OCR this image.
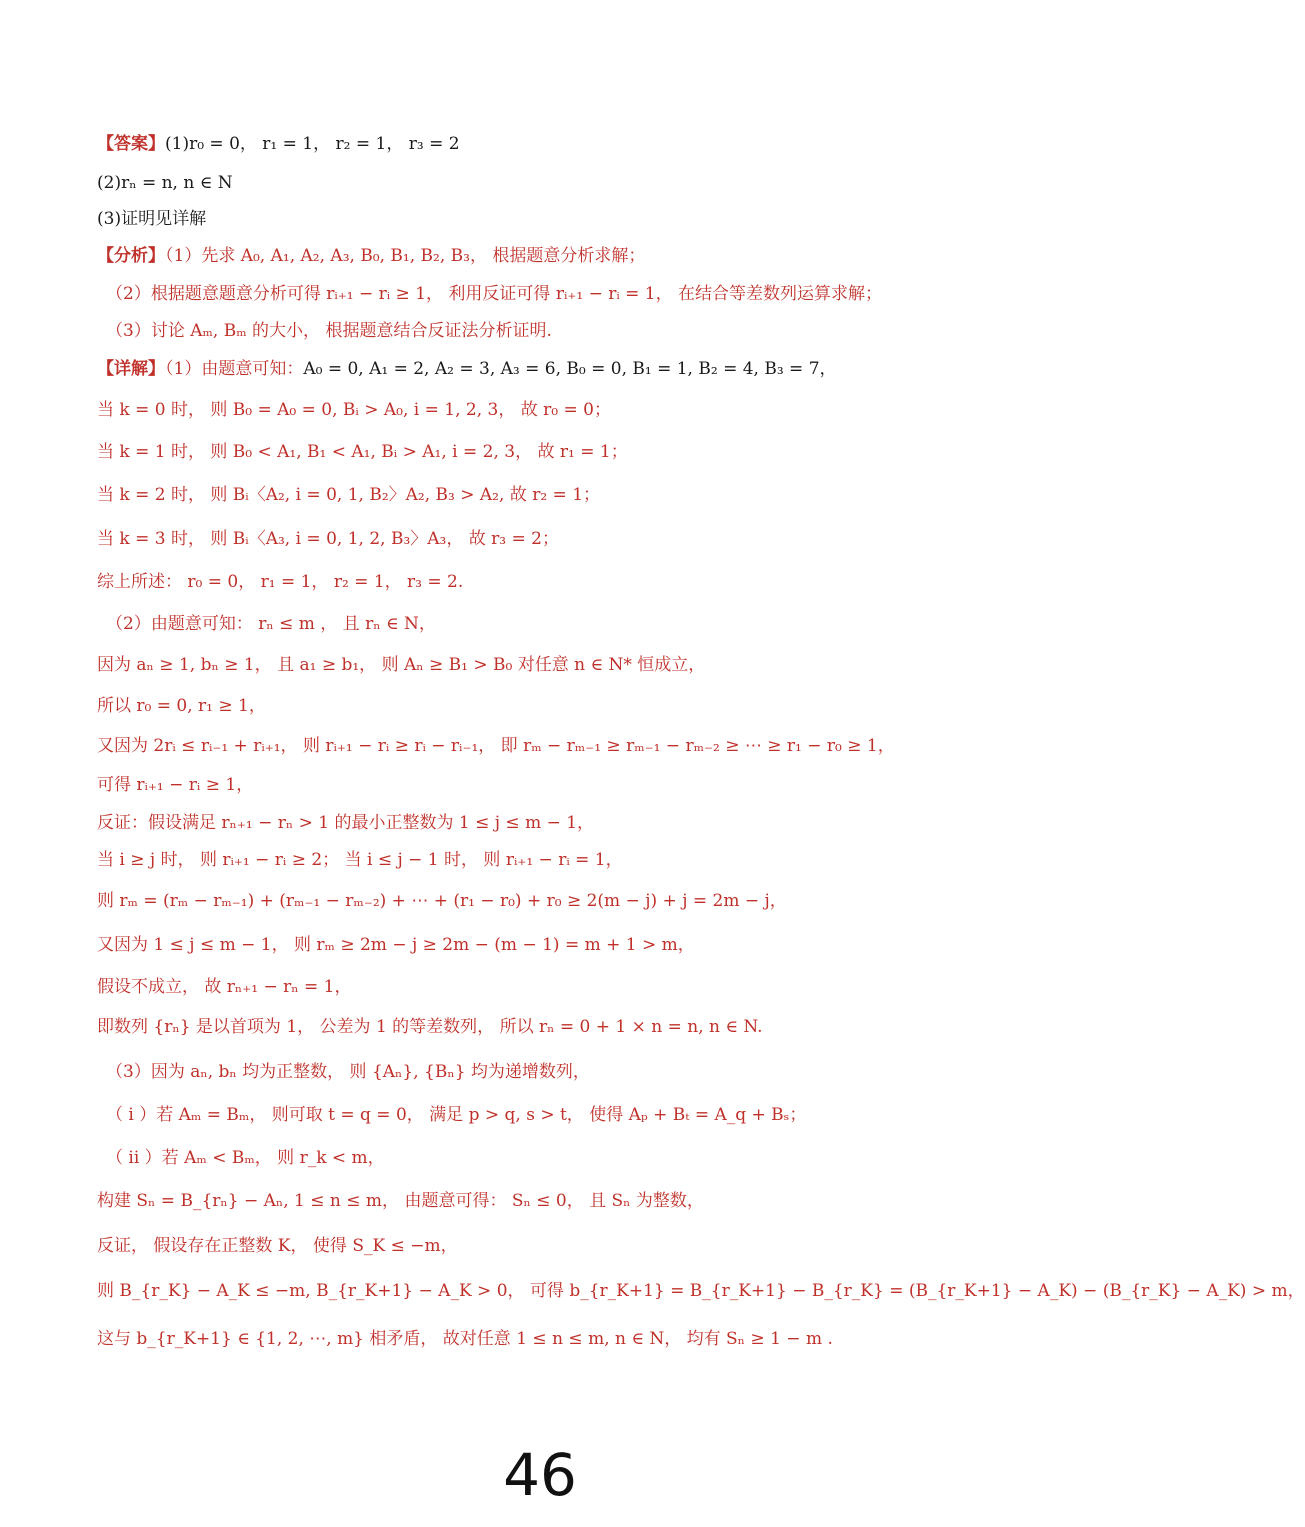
【答案】(1)r₀ = 0， r₁ = 1， r₂ = 1， r₃ = 2
(2)rₙ = n, n ∈ N
(3)证明见详解
【分析】（1）先求 A₀, A₁, A₂, A₃, B₀, B₁, B₂, B₃， 根据题意分析求解；
（2）根据题意题意分析可得 rᵢ₊₁ − rᵢ ≥ 1， 利用反证可得 rᵢ₊₁ − rᵢ = 1， 在结合等差数列运算求解；
（3）讨论 Aₘ, Bₘ 的大小， 根据题意结合反证法分析证明.
【详解】（1）由题意可知：A₀ = 0, A₁ = 2, A₂ = 3, A₃ = 6, B₀ = 0, B₁ = 1, B₂ = 4, B₃ = 7，
当 k = 0 时， 则 B₀ = A₀ = 0, Bᵢ > A₀, i = 1, 2, 3， 故 r₀ = 0；
当 k = 1 时， 则 B₀ < A₁, B₁ < A₁, Bᵢ > A₁, i = 2, 3， 故 r₁ = 1；
当 k = 2 时， 则 Bᵢ〈A₂, i = 0, 1, B₂〉A₂, B₃ > A₂, 故 r₂ = 1；
当 k = 3 时， 则 Bᵢ〈A₃, i = 0, 1, 2, B₃〉A₃， 故 r₃ = 2；
综上所述： r₀ = 0， r₁ = 1， r₂ = 1， r₃ = 2.
（2）由题意可知： rₙ ≤ m ， 且 rₙ ∈ N，
因为 aₙ ≥ 1, bₙ ≥ 1， 且 a₁ ≥ b₁， 则 Aₙ ≥ B₁ > B₀ 对任意 n ∈ N* 恒成立，
所以 r₀ = 0, r₁ ≥ 1，
又因为 2rᵢ ≤ rᵢ₋₁ + rᵢ₊₁， 则 rᵢ₊₁ − rᵢ ≥ rᵢ − rᵢ₋₁， 即 rₘ − rₘ₋₁ ≥ rₘ₋₁ − rₘ₋₂ ≥ ⋯ ≥ r₁ − r₀ ≥ 1，
可得 rᵢ₊₁ − rᵢ ≥ 1，
反证：假设满足 rₙ₊₁ − rₙ > 1 的最小正整数为 1 ≤ j ≤ m − 1，
当 i ≥ j 时， 则 rᵢ₊₁ − rᵢ ≥ 2； 当 i ≤ j − 1 时， 则 rᵢ₊₁ − rᵢ = 1，
则 rₘ = (rₘ − rₘ₋₁) + (rₘ₋₁ − rₘ₋₂) + ⋯ + (r₁ − r₀) + r₀ ≥ 2(m − j) + j = 2m − j，
又因为 1 ≤ j ≤ m − 1， 则 rₘ ≥ 2m − j ≥ 2m − (m − 1) = m + 1 > m，
假设不成立， 故 rₙ₊₁ − rₙ = 1，
即数列 {rₙ} 是以首项为 1， 公差为 1 的等差数列， 所以 rₙ = 0 + 1 × n = n, n ∈ N.
（3）因为 aₙ, bₙ 均为正整数， 则 {Aₙ}, {Bₙ} 均为递增数列，
（ i ）若 Aₘ = Bₘ， 则可取 t = q = 0， 满足 p > q, s > t， 使得 Aₚ + Bₜ = A_q + Bₛ；
（ ii ）若 Aₘ < Bₘ， 则 r_k < m，
构建 Sₙ = B_{rₙ} − Aₙ, 1 ≤ n ≤ m， 由题意可得： Sₙ ≤ 0， 且 Sₙ 为整数，
反证， 假设存在正整数 K， 使得 S_K ≤ −m，
则 B_{r_K} − A_K ≤ −m, B_{r_K+1} − A_K > 0， 可得 b_{r_K+1} = B_{r_K+1} − B_{r_K} = (B_{r_K+1} − A_K) − (B_{r_K} − A_K) > m，
这与 b_{r_K+1} ∈ {1, 2, ⋯, m} 相矛盾， 故对任意 1 ≤ n ≤ m, n ∈ N， 均有 Sₙ ≥ 1 − m .
46
